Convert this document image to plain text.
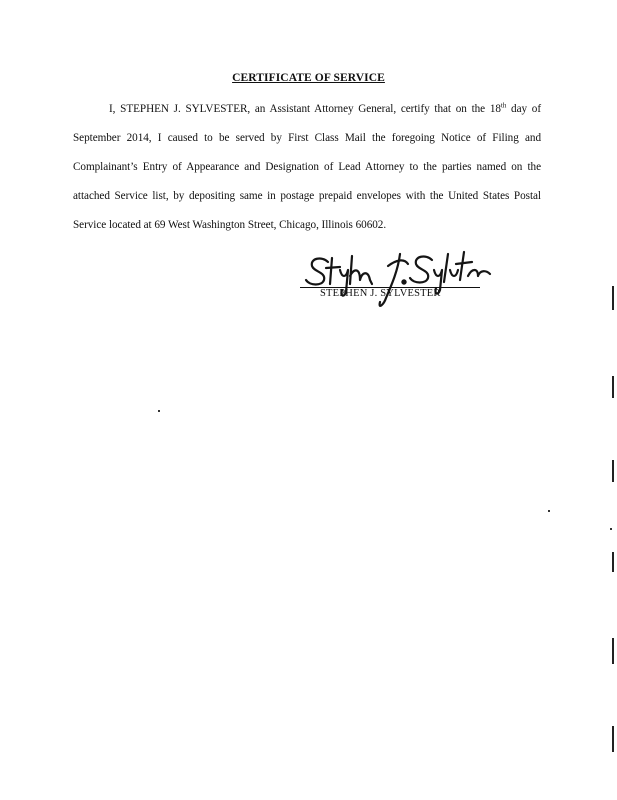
CERTIFICATE OF SERVICE
I, STEPHEN J. SYLVESTER, an Assistant Attorney General, certify that on the 18th day of September 2014, I caused to be served by First Class Mail the foregoing Notice of Filing and Complainant’s Entry of Appearance and Designation of Lead Attorney to the parties named on the attached Service list, by depositing same in postage prepaid envelopes with the United States Postal Service located at 69 West Washington Street, Chicago, Illinois 60602.
STEPHEN J. SYLVESTER
